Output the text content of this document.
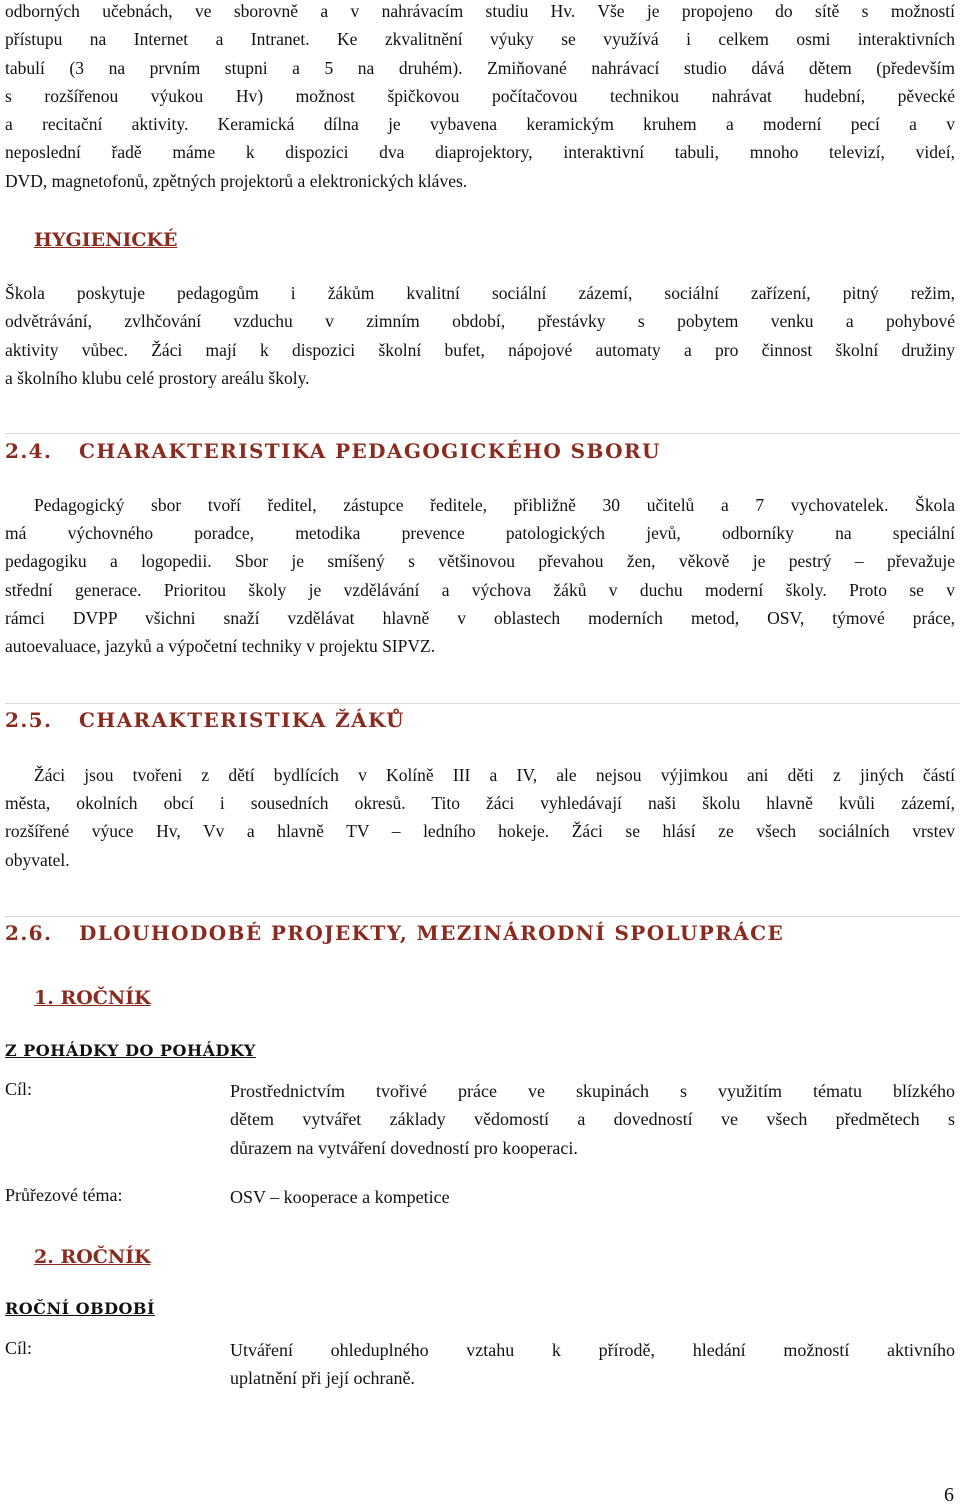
odborných učebnách, ve sborovně a v nahrávacím studiu Hv. Vše je propojeno do sítě s možností
přístupu na Internet a Intranet. Ke zkvalitnění výuky se využívá i celkem osmi interaktivních
tabulí (3 na prvním stupni a 5 na druhém). Zmiňované nahrávací studio dává dětem (především
s rozšířenou výukou Hv) možnost špičkovou počítačovou technikou nahrávat hudební, pěvecké
a recitační aktivity. Keramická dílna je vybavena keramickým kruhem a moderní pecí a v
neposlední řadě máme k dispozici dva diaprojektory, interaktivní tabuli, mnoho televizí, videí,
DVD, magnetofonů, zpětných projektorů a elektronických kláves.
HYGIENICKÉ
Škola poskytuje pedagogům i žákům kvalitní sociální zázemí, sociální zařízení, pitný režim,
odvětrávání, zvlhčování vzduchu v zimním období, přestávky s pobytem venku a pohybové
aktivity vůbec. Žáci mají k dispozici školní bufet, nápojové automaty a pro činnost školní družiny
a školního klubu celé prostory areálu školy.
2.4. CHARAKTERISTIKA PEDAGOGICKÉHO SBORU
Pedagogický sbor tvoří ředitel, zástupce ředitele, přibližně 30 učitelů a 7 vychovatelek. Škola
má výchovného poradce, metodika prevence patologických jevů, odborníky na speciální
pedagogiku a logopedii. Sbor je smíšený s většinovou převahou žen, věkově je pestrý – převažuje
střední generace. Prioritou školy je vzdělávání a výchova žáků v duchu moderní školy. Proto se v
rámci DVPP všichni snaží vzdělávat hlavně v oblastech moderních metod, OSV, týmové práce,
autoevaluace, jazyků a výpočetní techniky v projektu SIPVZ.
2.5. CHARAKTERISTIKA ŽÁKŮ
Žáci jsou tvořeni z dětí bydlících v Kolíně III a IV, ale nejsou výjimkou ani děti z jiných částí
města, okolních obcí i sousedních okresů. Tito žáci vyhledávají naši školu hlavně kvůli zázemí,
rozšířené výuce Hv, Vv a hlavně TV – ledního hokeje. Žáci se hlásí ze všech sociálních vrstev
obyvatel.
2.6. DLOUHODOBÉ PROJEKTY, MEZINÁRODNÍ SPOLUPRÁCE
1. ROČNÍK
Z POHÁDKY DO POHÁDKY
Cíl:	Prostřednictvím tvořivé práce ve skupinách s využitím tématu blízkého
dětem vytvářet základy vědomostí a dovedností ve všech předmětech s
důrazem na vytváření dovedností pro kooperaci.
Průřezové téma:	OSV – kooperace a kompetice
2. ROČNÍK
ROČNÍ OBDOBÍ
Cíl:	Utváření ohleduplného vztahu k přírodě, hledání možností aktivního
uplatnění při její ochraně.
6
